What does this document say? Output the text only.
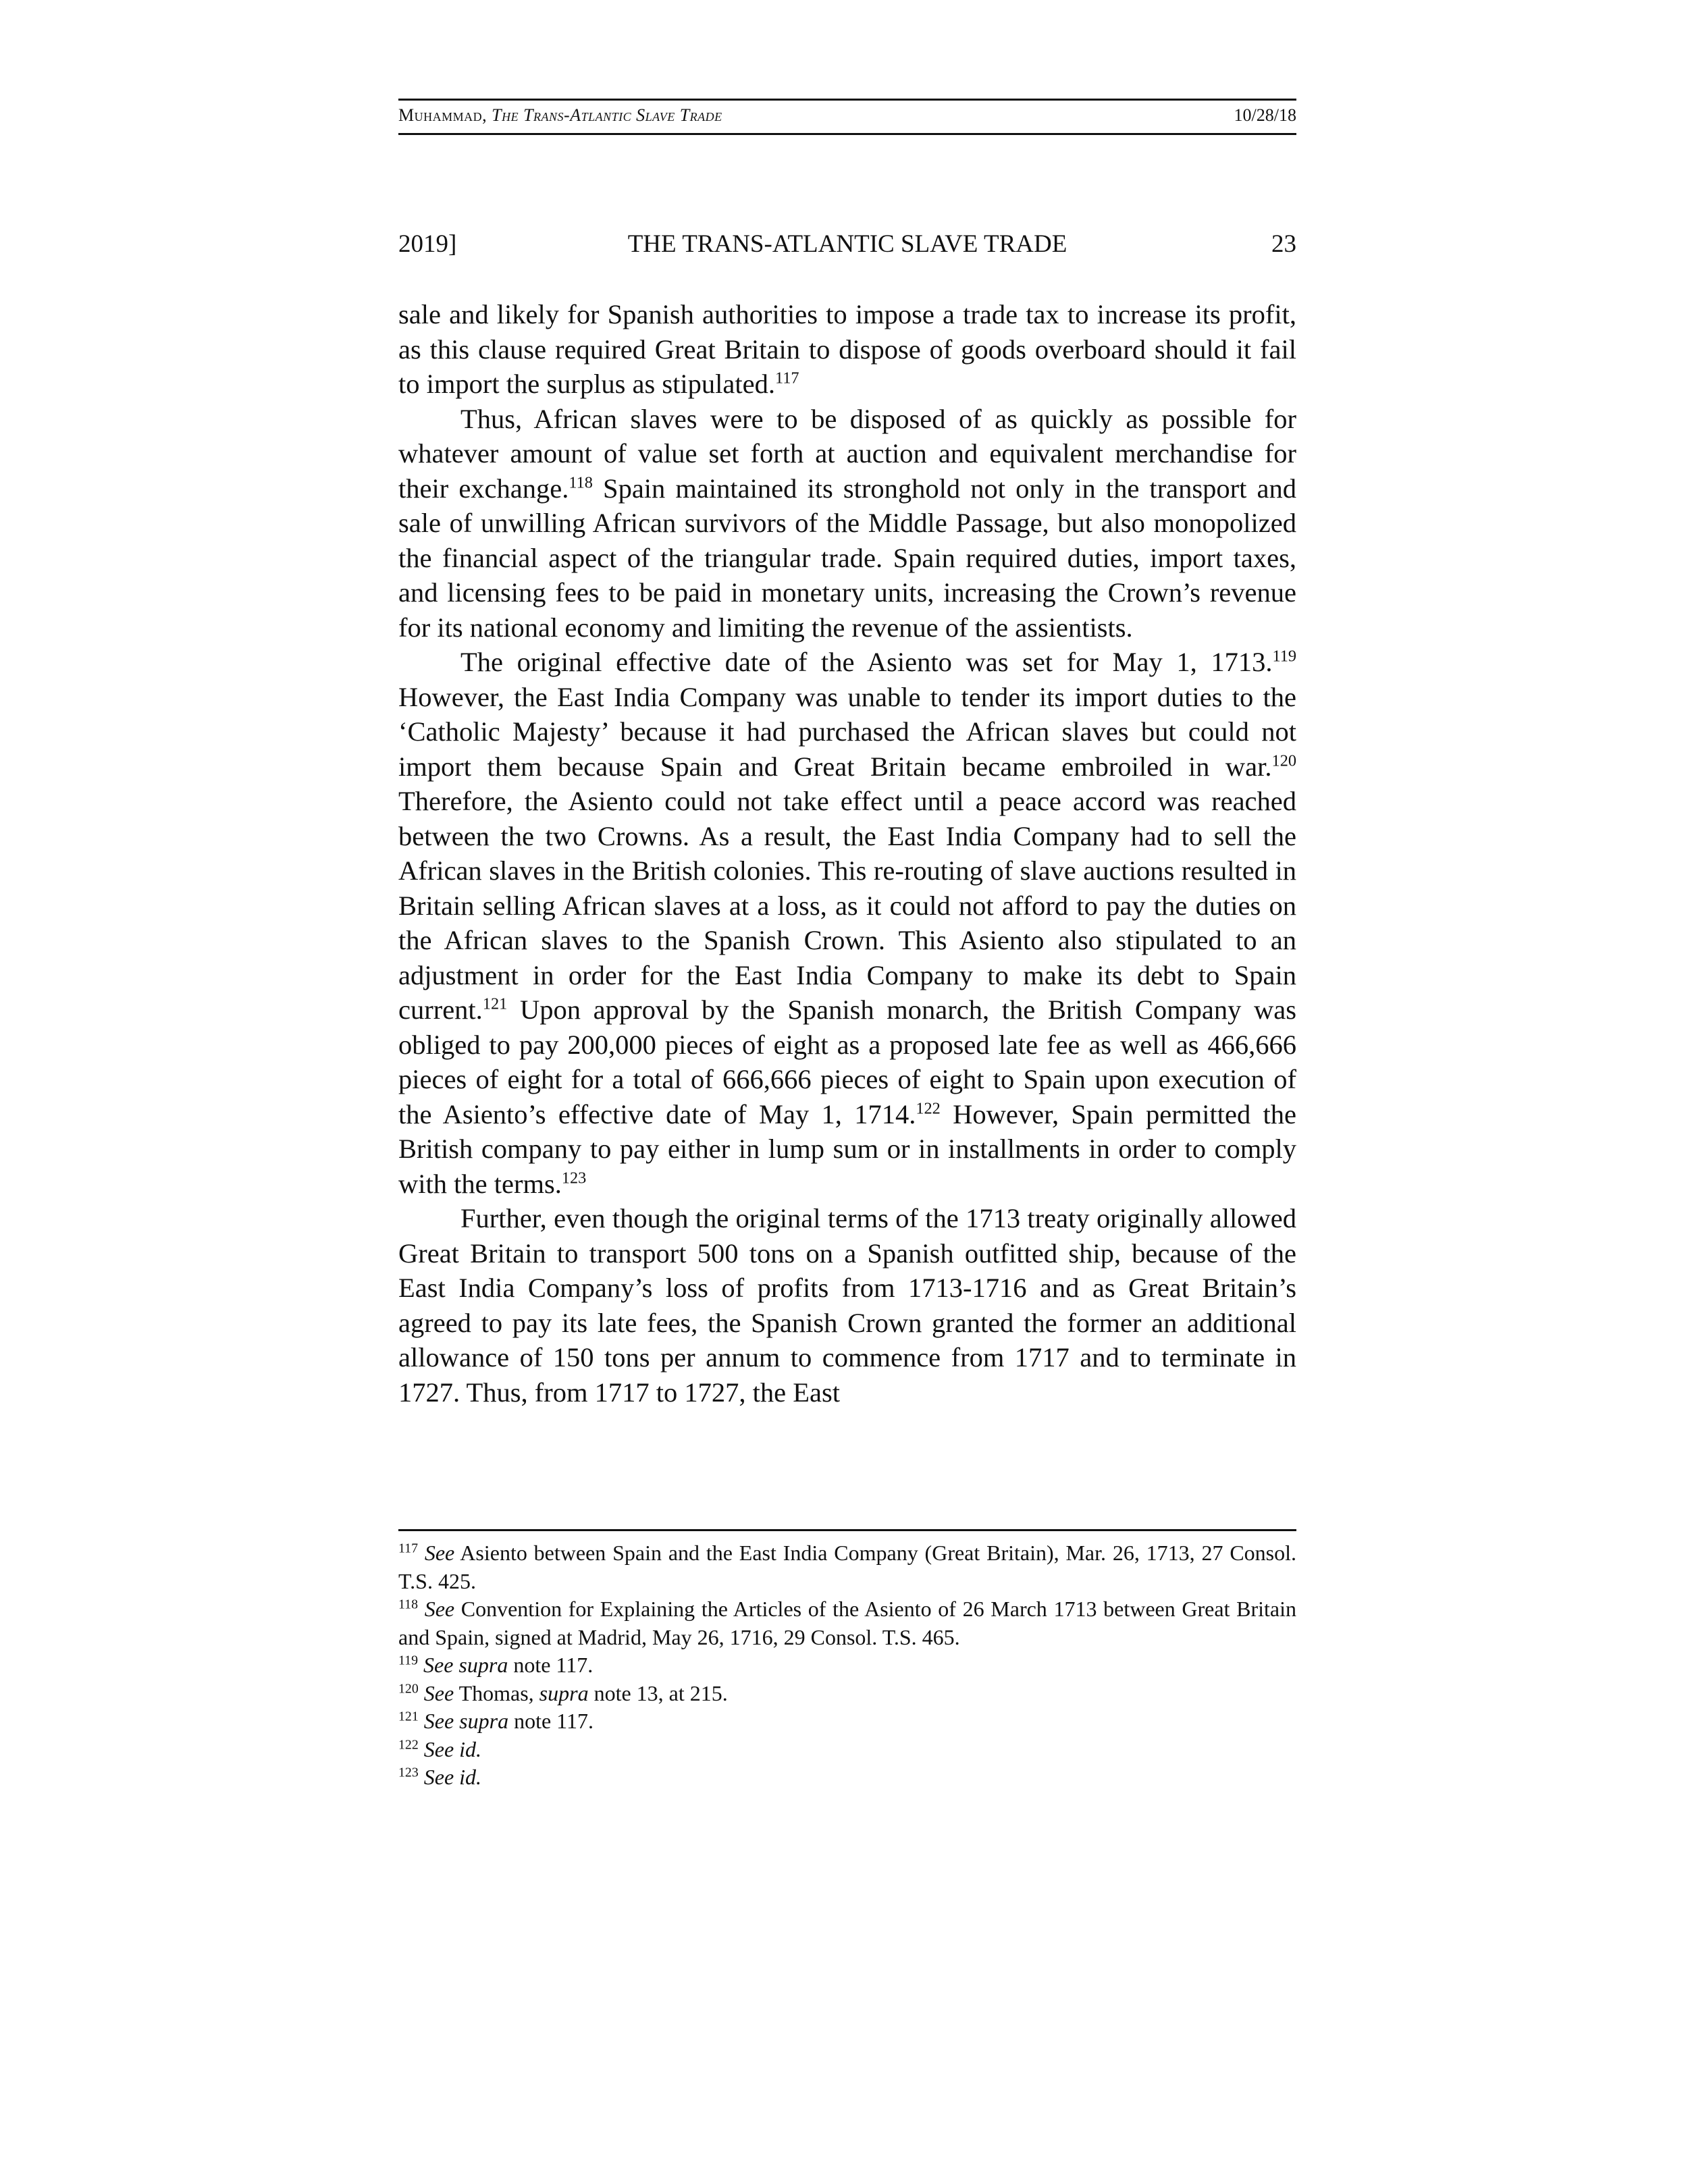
Muhammad, The Trans-Atlantic Slave Trade	10/28/18
2019]	THE TRANS-ATLANTIC SLAVE TRADE	23

sale and likely for Spanish authorities to impose a trade tax to increase its profit, as this clause required Great Britain to dispose of goods overboard should it fail to import the surplus as stipulated.$^{117}$

Thus, African slaves were to be disposed of as quickly as possible for whatever amount of value set forth at auction and equivalent merchandise for their exchange.$^{118}$ Spain maintained its stronghold not only in the transport and sale of unwilling African survivors of the Middle Passage, but also monopolized the financial aspect of the triangular trade. Spain required duties, import taxes, and licensing fees to be paid in monetary units, increasing the Crown’s revenue for its national economy and limiting the revenue of the assientists.

The original effective date of the Asiento was set for May 1, 1713.$^{119}$ However, the East India Company was unable to tender its import duties to the ‘Catholic Majesty’ because it had purchased the African slaves but could not import them because Spain and Great Britain became embroiled in war.$^{120}$ Therefore, the Asiento could not take effect until a peace accord was reached between the two Crowns. As a result, the East India Company had to sell the African slaves in the British colonies. This re-routing of slave auctions resulted in Britain selling African slaves at a loss, as it could not afford to pay the duties on the African slaves to the Spanish Crown. This Asiento also stipulated to an adjustment in order for the East India Company to make its debt to Spain current.$^{121}$ Upon approval by the Spanish monarch, the British Company was obliged to pay 200,000 pieces of eight as a proposed late fee as well as 466,666 pieces of eight for a total of 666,666 pieces of eight to Spain upon execution of the Asiento’s effective date of May 1, 1714.$^{122}$ However, Spain permitted the British company to pay either in lump sum or in installments in order to comply with the terms.$^{123}$

Further, even though the original terms of the 1713 treaty originally allowed Great Britain to transport 500 tons on a Spanish outfitted ship, because of the East India Company’s loss of profits from 1713-1716 and as Great Britain’s agreed to pay its late fees, the Spanish Crown granted the former an additional allowance of 150 tons per annum to commence from 1717 and to terminate in 1727. Thus, from 1717 to 1727, the East

$^{117}$ See Asiento between Spain and the East India Company (Great Britain), Mar. 26, 1713, 27 Consol. T.S. 425.

$^{118}$ See Convention for Explaining the Articles of the Asiento of 26 March 1713 between Great Britain and Spain, signed at Madrid, May 26, 1716, 29 Consol. T.S. 465.

$^{119}$ See supra note 117.

$^{120}$ See Thomas, supra note 13, at 215.

$^{121}$ See supra note 117.

$^{122}$ See id.

$^{123}$ See id.
